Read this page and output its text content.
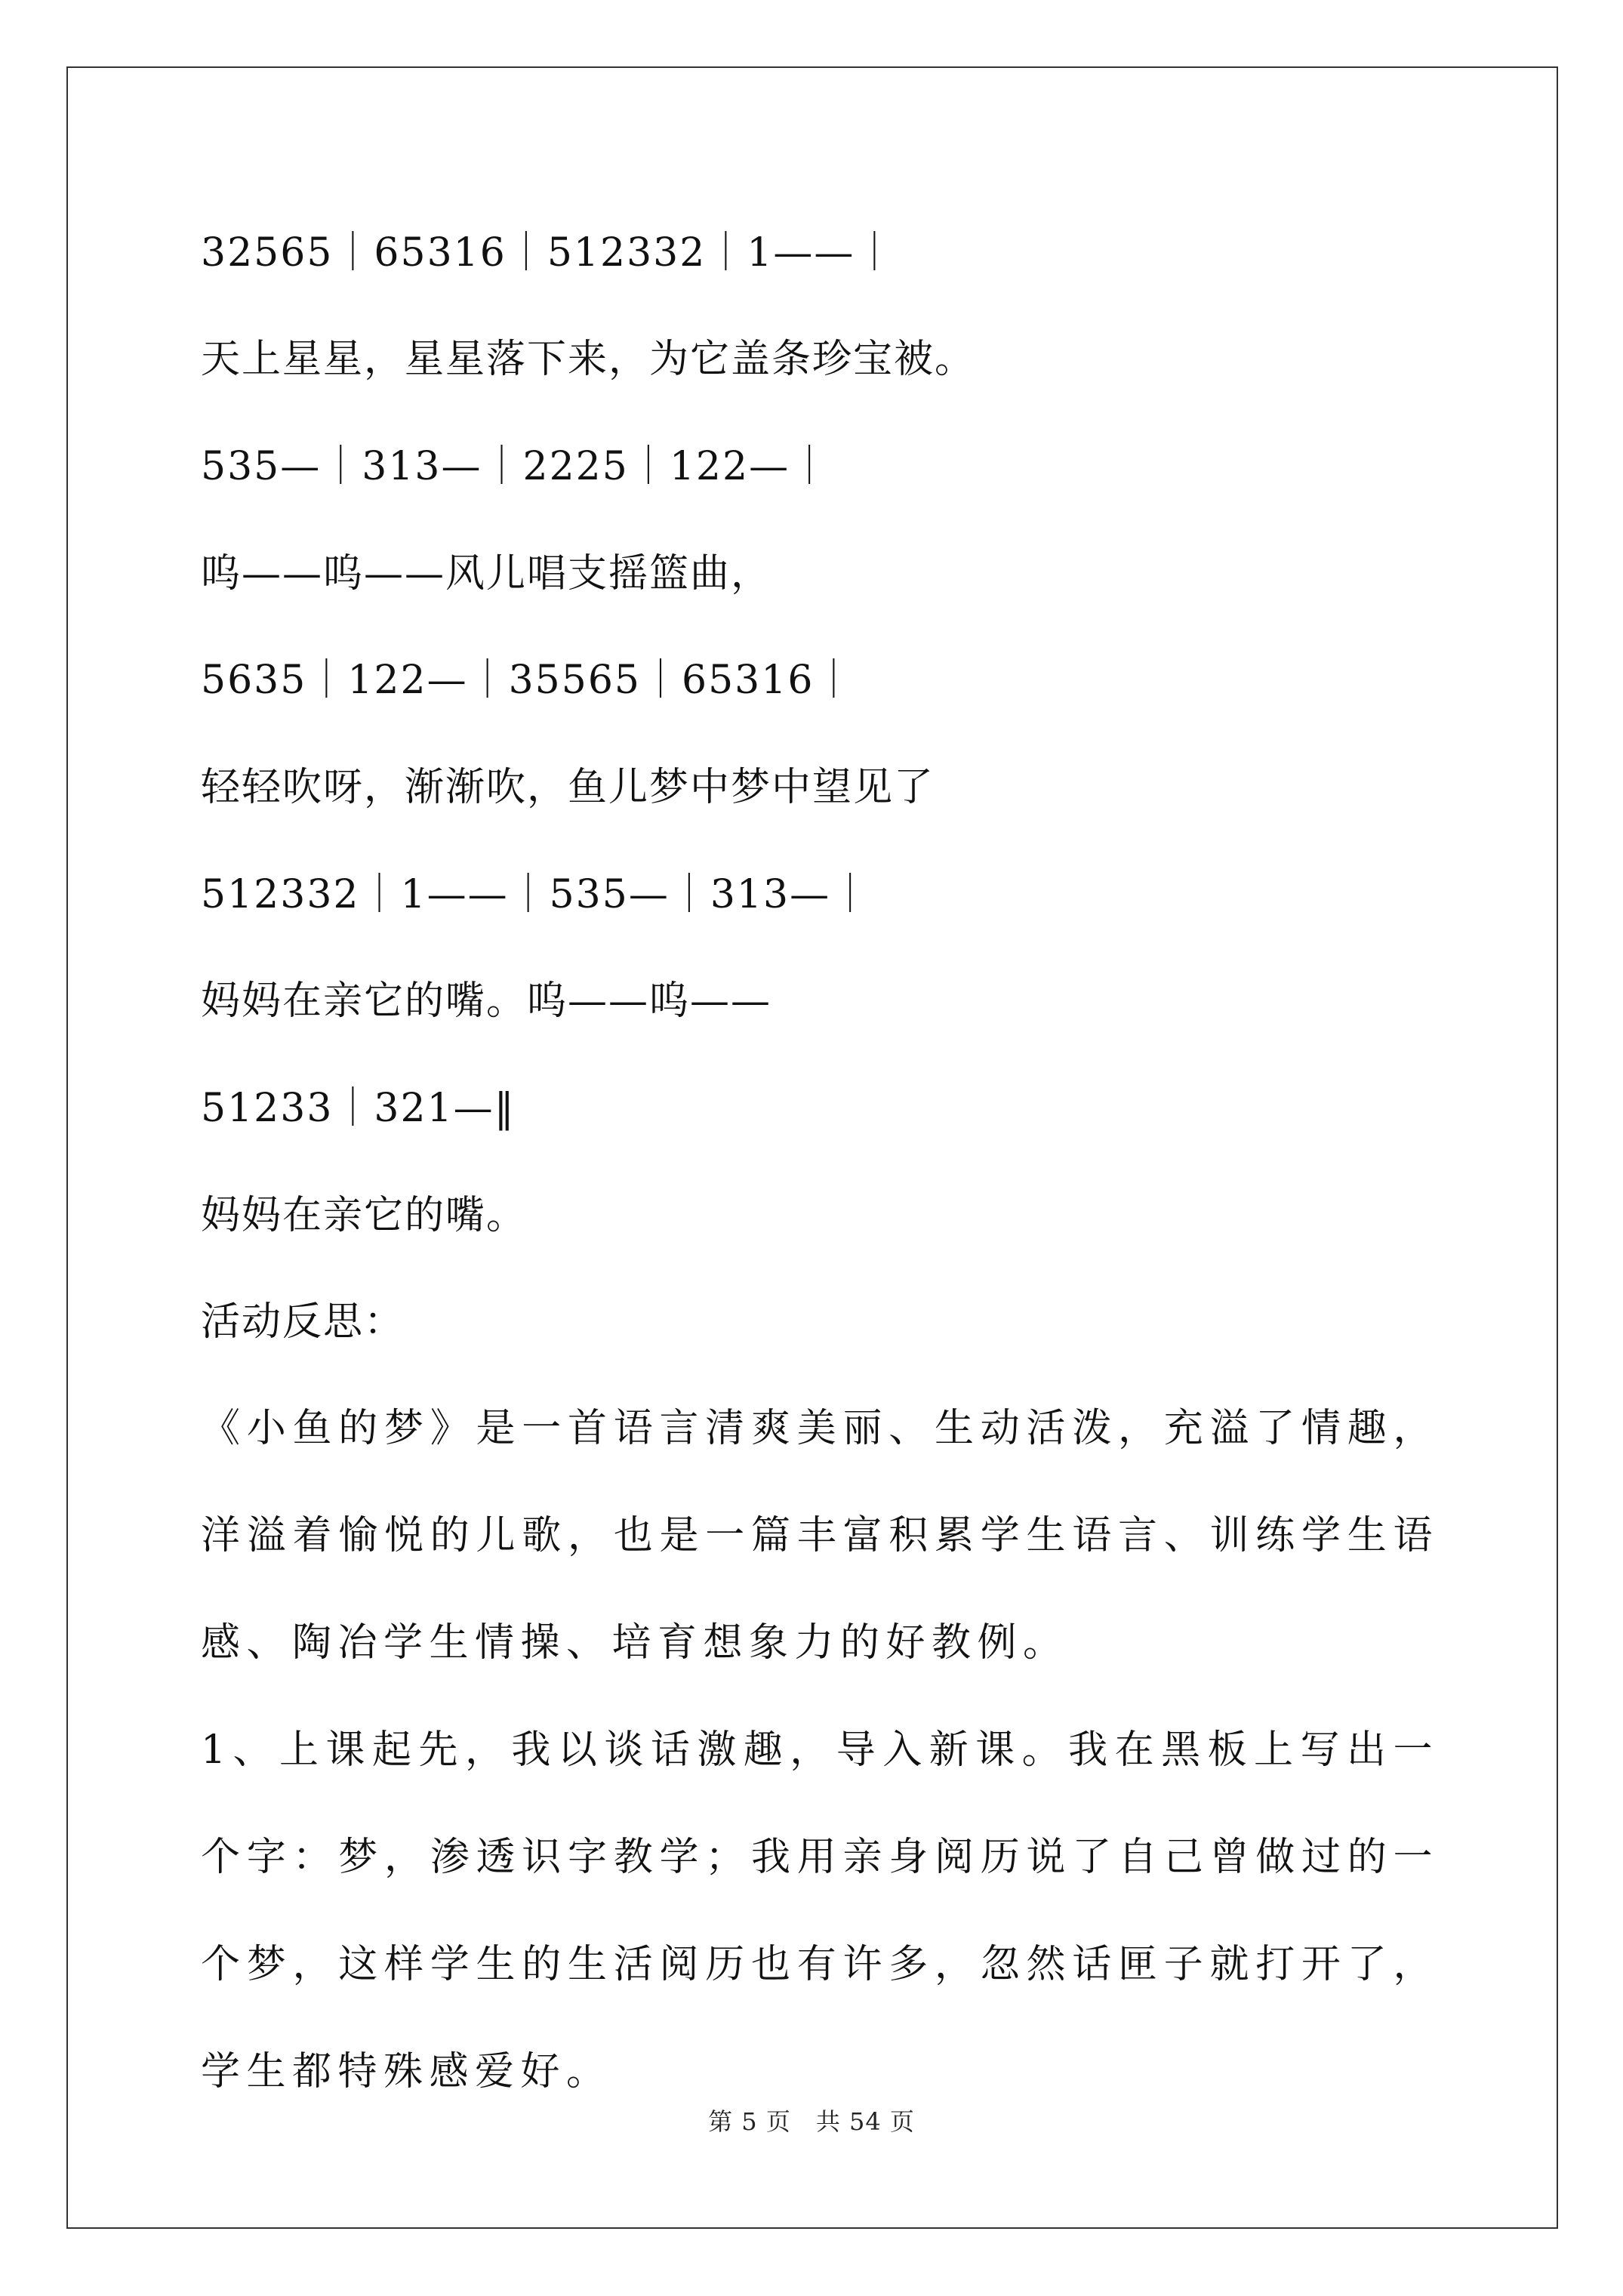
32565｜65316｜512332｜1——｜
天上星星，星星落下来，为它盖条珍宝被。
535—｜313—｜2225｜122—｜
呜——呜——风儿唱支摇篮曲，
5635｜122—｜35565｜65316｜
轻轻吹呀，渐渐吹，鱼儿梦中梦中望见了
512332｜1——｜535—｜313—｜
妈妈在亲它的嘴。呜——呜——
51233｜321—‖
妈妈在亲它的嘴。
活动反思：
《小鱼的梦》是一首语言清爽美丽、生动活泼，充溢了情趣，洋溢着愉悦的儿歌，也是一篇丰富积累学生语言、训练学生语感、陶冶学生情操、培育想象力的好教例。
1、上课起先，我以谈话激趣，导入新课。我在黑板上写出一个字：梦，渗透识字教学；我用亲身阅历说了自己曾做过的一个梦，这样学生的生活阅历也有许多，忽然话匣子就打开了，学生都特殊感爱好。
第 5 页　共 54 页
